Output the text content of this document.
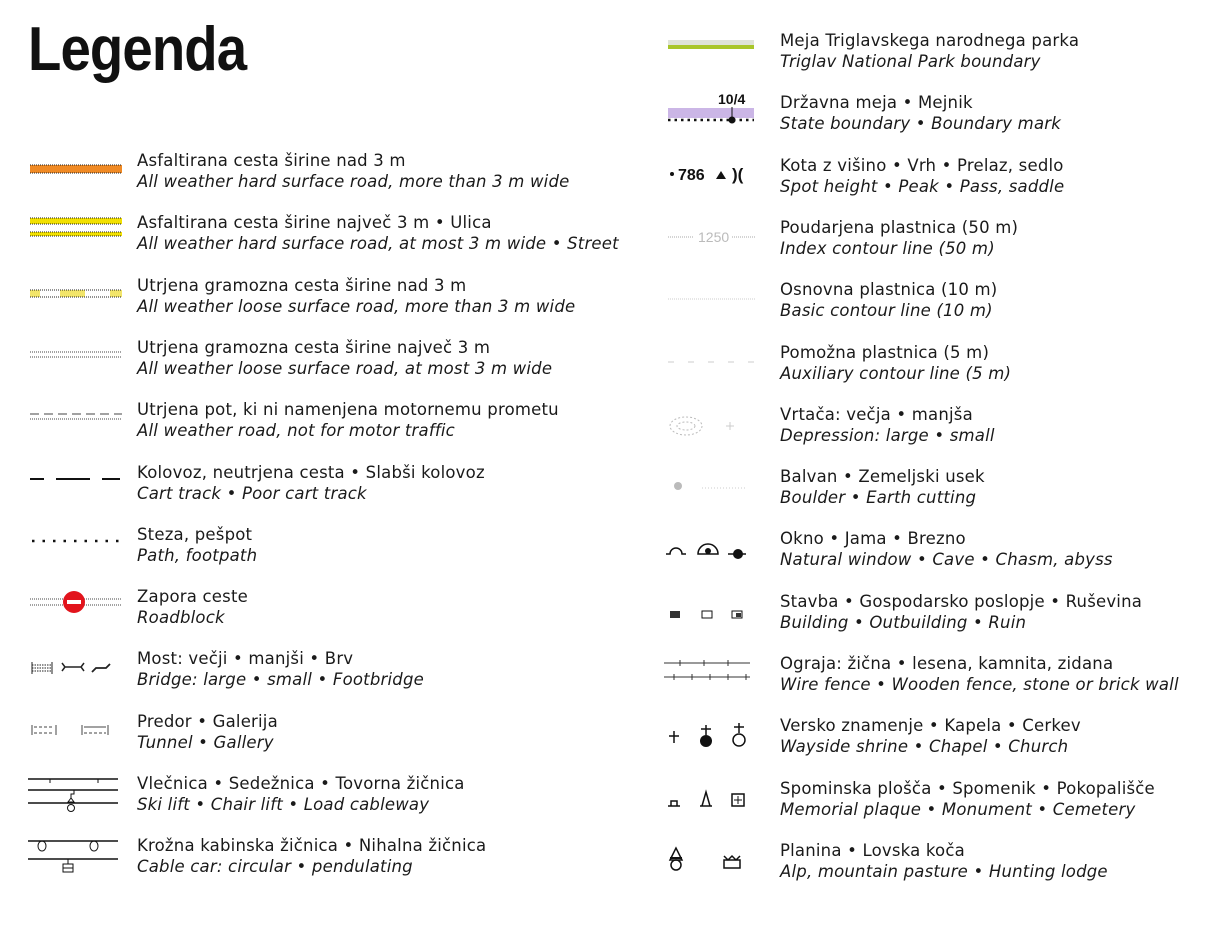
Legenda
Asfaltirana cesta širine nad 3 m
All weather hard surface road, more than 3 m wide
Asfaltirana cesta širine največ 3 m • Ulica
All weather hard surface road, at most 3 m wide • Street
Utrjena gramozna cesta širine nad 3 m
All weather loose surface road, more than 3 m wide
Utrjena gramozna cesta širine največ 3 m
All weather loose surface road, at most 3 m wide
Utrjena pot, ki ni namenjena motornemu prometu
All weather road, not for motor traffic
Kolovoz, neutrjena cesta • Slabši kolovoz
Cart track • Poor cart track
Steza, pešpot
Path, footpath
Zapora ceste
Roadblock
Most: večji • manjši • Brv
Bridge: large • small • Footbridge
Predor • Galerija
Tunnel • Gallery
Vlečnica • Sedežnica • Tovorna žičnica
Ski lift • Chair lift • Load cableway
Krožna kabinska žičnica • Nihalna žičnica
Cable car: circular • pendulating
Meja Triglavskega narodnega parka
Triglav National Park boundary
10/4 Državna meja • Mejnik
State boundary • Boundary mark
786 )( Kota z višino • Vrh • Prelaz, sedlo
Spot height • Peak • Pass, saddle
1250	Poudarjena plastnica (50 m)
Index contour line (50 m)
Osnovna plastnica (10 m)
Basic contour line (10 m)
Pomožna plastnica (5 m)
Auxiliary contour line (5 m)
Vrtača: večja • manjša
Depression: large • small
Balvan • Zemeljski usek
Boulder • Earth cutting
Okno • Jama • Brezno
Natural window • Cave • Chasm, abyss
Stavba • Gospodarsko poslopje • Ruševina
Building • Outbuilding • Ruin
Ograja: žična • lesena, kamnita, zidana
Wire fence • Wooden fence, stone or brick wall
Versko znamenje • Kapela • Cerkev
Wayside shrine • Chapel • Church
Spominska plošča • Spomenik • Pokopališče
Memorial plaque • Monument • Cemetery
Planina • Lovska koča
Alp, mountain pasture • Hunting lodge
